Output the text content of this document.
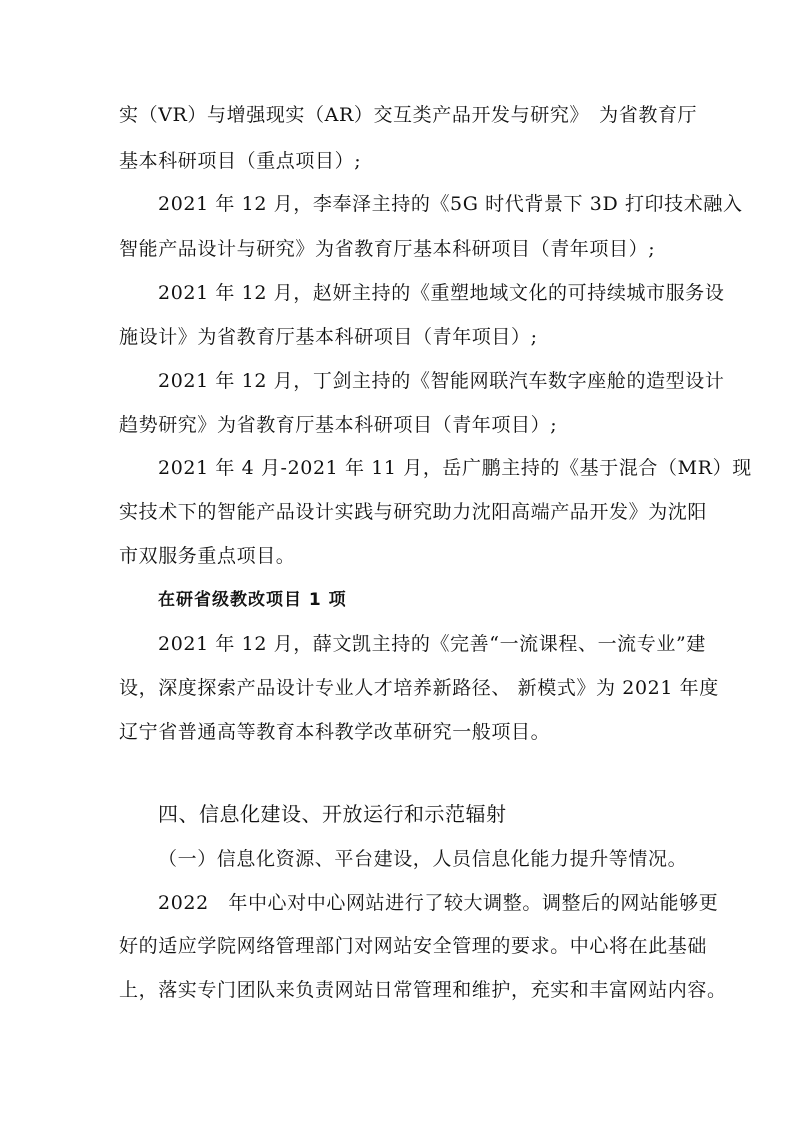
实（VR）与增强现实（AR）交互类产品开发与研究》　为省教育厅
基本科研项目（重点项目）;
2021 年 12 月，李奉泽主持的《5G 时代背景下 3D 打印技术融入
智能产品设计与研究》为省教育厅基本科研项目（青年项目）;
2021 年 12 月，赵妍主持的《重塑地域文化的可持续城市服务设
施设计》为省教育厅基本科研项目（青年项目）;
2021 年 12 月，丁剑主持的《智能网联汽车数字座舱的造型设计
趋势研究》为省教育厅基本科研项目（青年项目）;
2021 年 4 月-2021 年 11 月，岳广鹏主持的《基于混合（MR）现
实技术下的智能产品设计实践与研究助力沈阳高端产品开发》为沈阳
市双服务重点项目。
在研省级教改项目 1 项
2021 年 12 月，薛文凯主持的《完善“一流课程、一流专业”建
设，深度探索产品设计专业人才培养新路径、 新模式》为 2021 年度
辽宁省普通高等教育本科教学改革研究一般项目。
四、信息化建设、开放运行和示范辐射
（一）信息化资源、平台建设，人员信息化能力提升等情况。
2022　年中心对中心网站进行了较大调整。调整后的网站能够更
好的适应学院网络管理部门对网站安全管理的要求。中心将在此基础
上，落实专门团队来负责网站日常管理和维护，充实和丰富网站内容。
